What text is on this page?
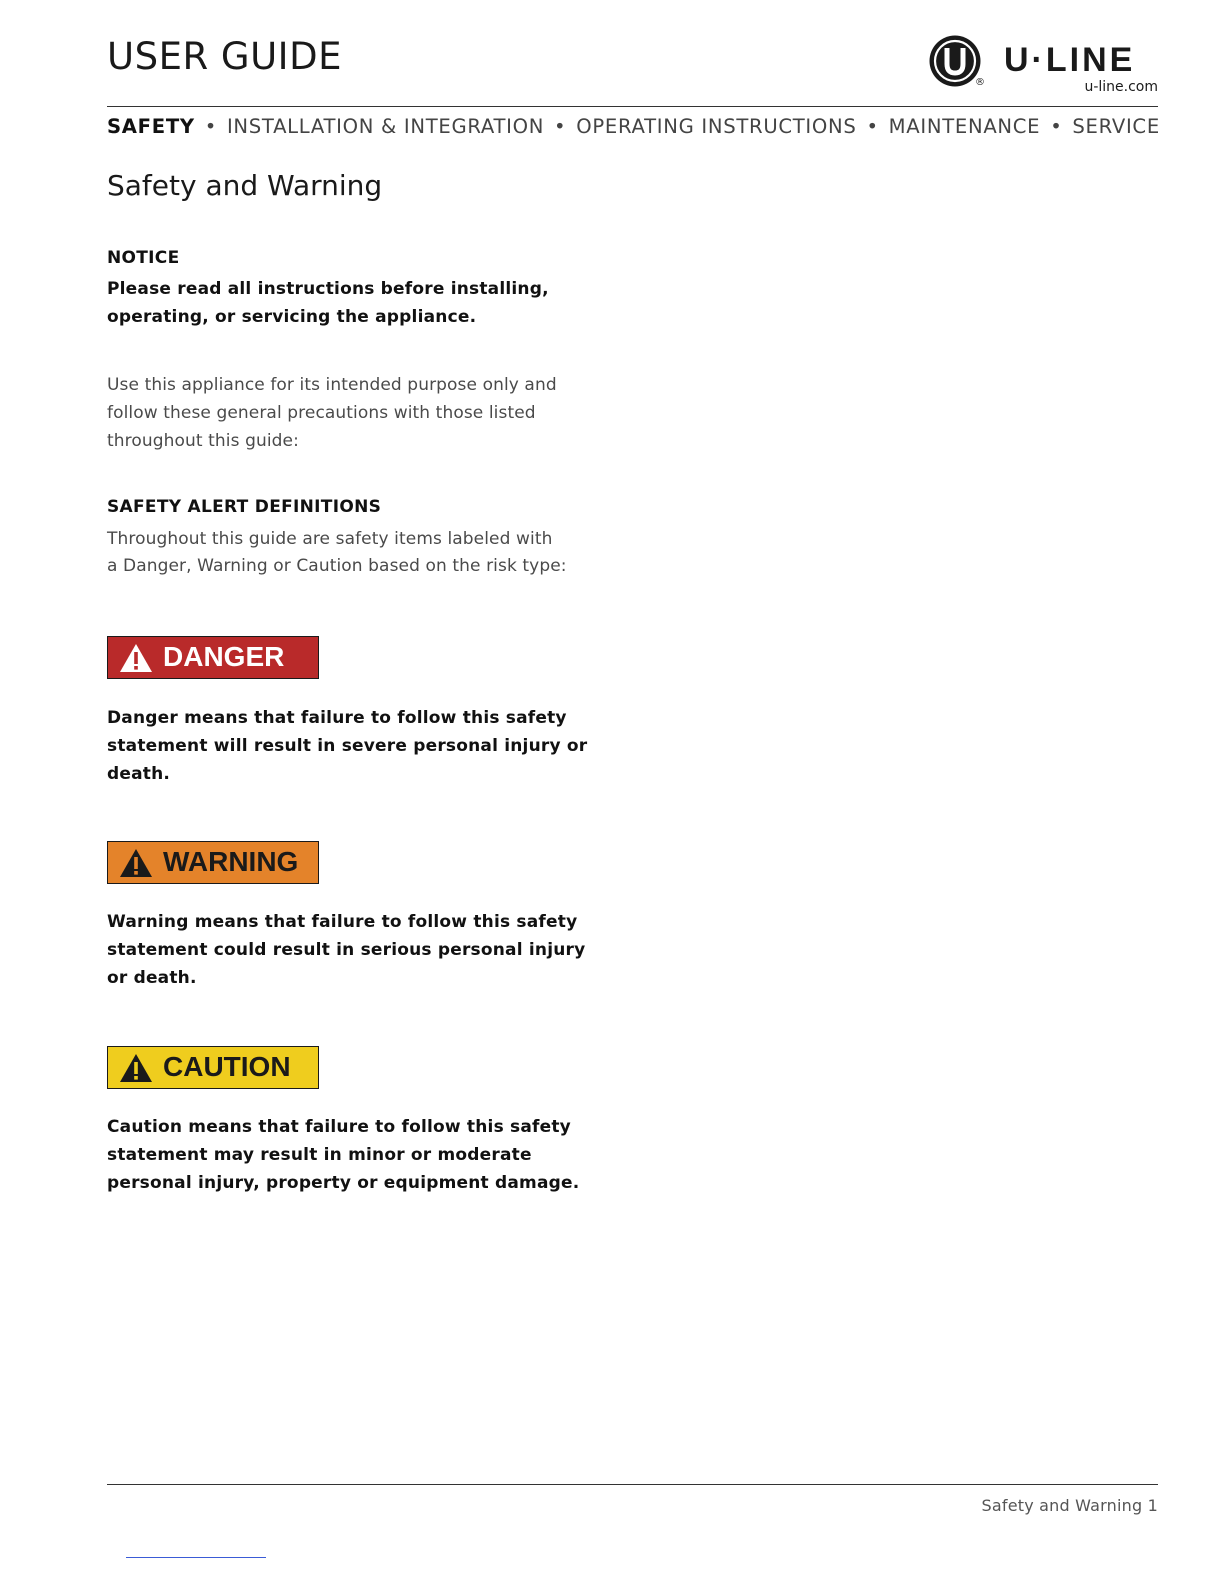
USER GUIDE
®
U·LINE
u-line.com
SAFETY • INSTALLATION & INTEGRATION • OPERATING INSTRUCTIONS • MAINTENANCE • SERVICE
Safety and Warning

NOTICE

Please read all instructions before installing, operating, or servicing the appliance.

Use this appliance for its intended purpose only and follow these general precautions with those listed throughout this guide:

SAFETY ALERT DEFINITIONS

Throughout this guide are safety items labeled with a Danger, Warning or Caution based on the risk type:

DANGER

Danger means that failure to follow this safety statement will result in severe personal injury or death.

WARNING

Warning means that failure to follow this safety statement could result in serious personal injury or death.

CAUTION

Caution means that failure to follow this safety statement may result in minor or moderate personal injury, property or equipment damage.

Safety and Warning 1
